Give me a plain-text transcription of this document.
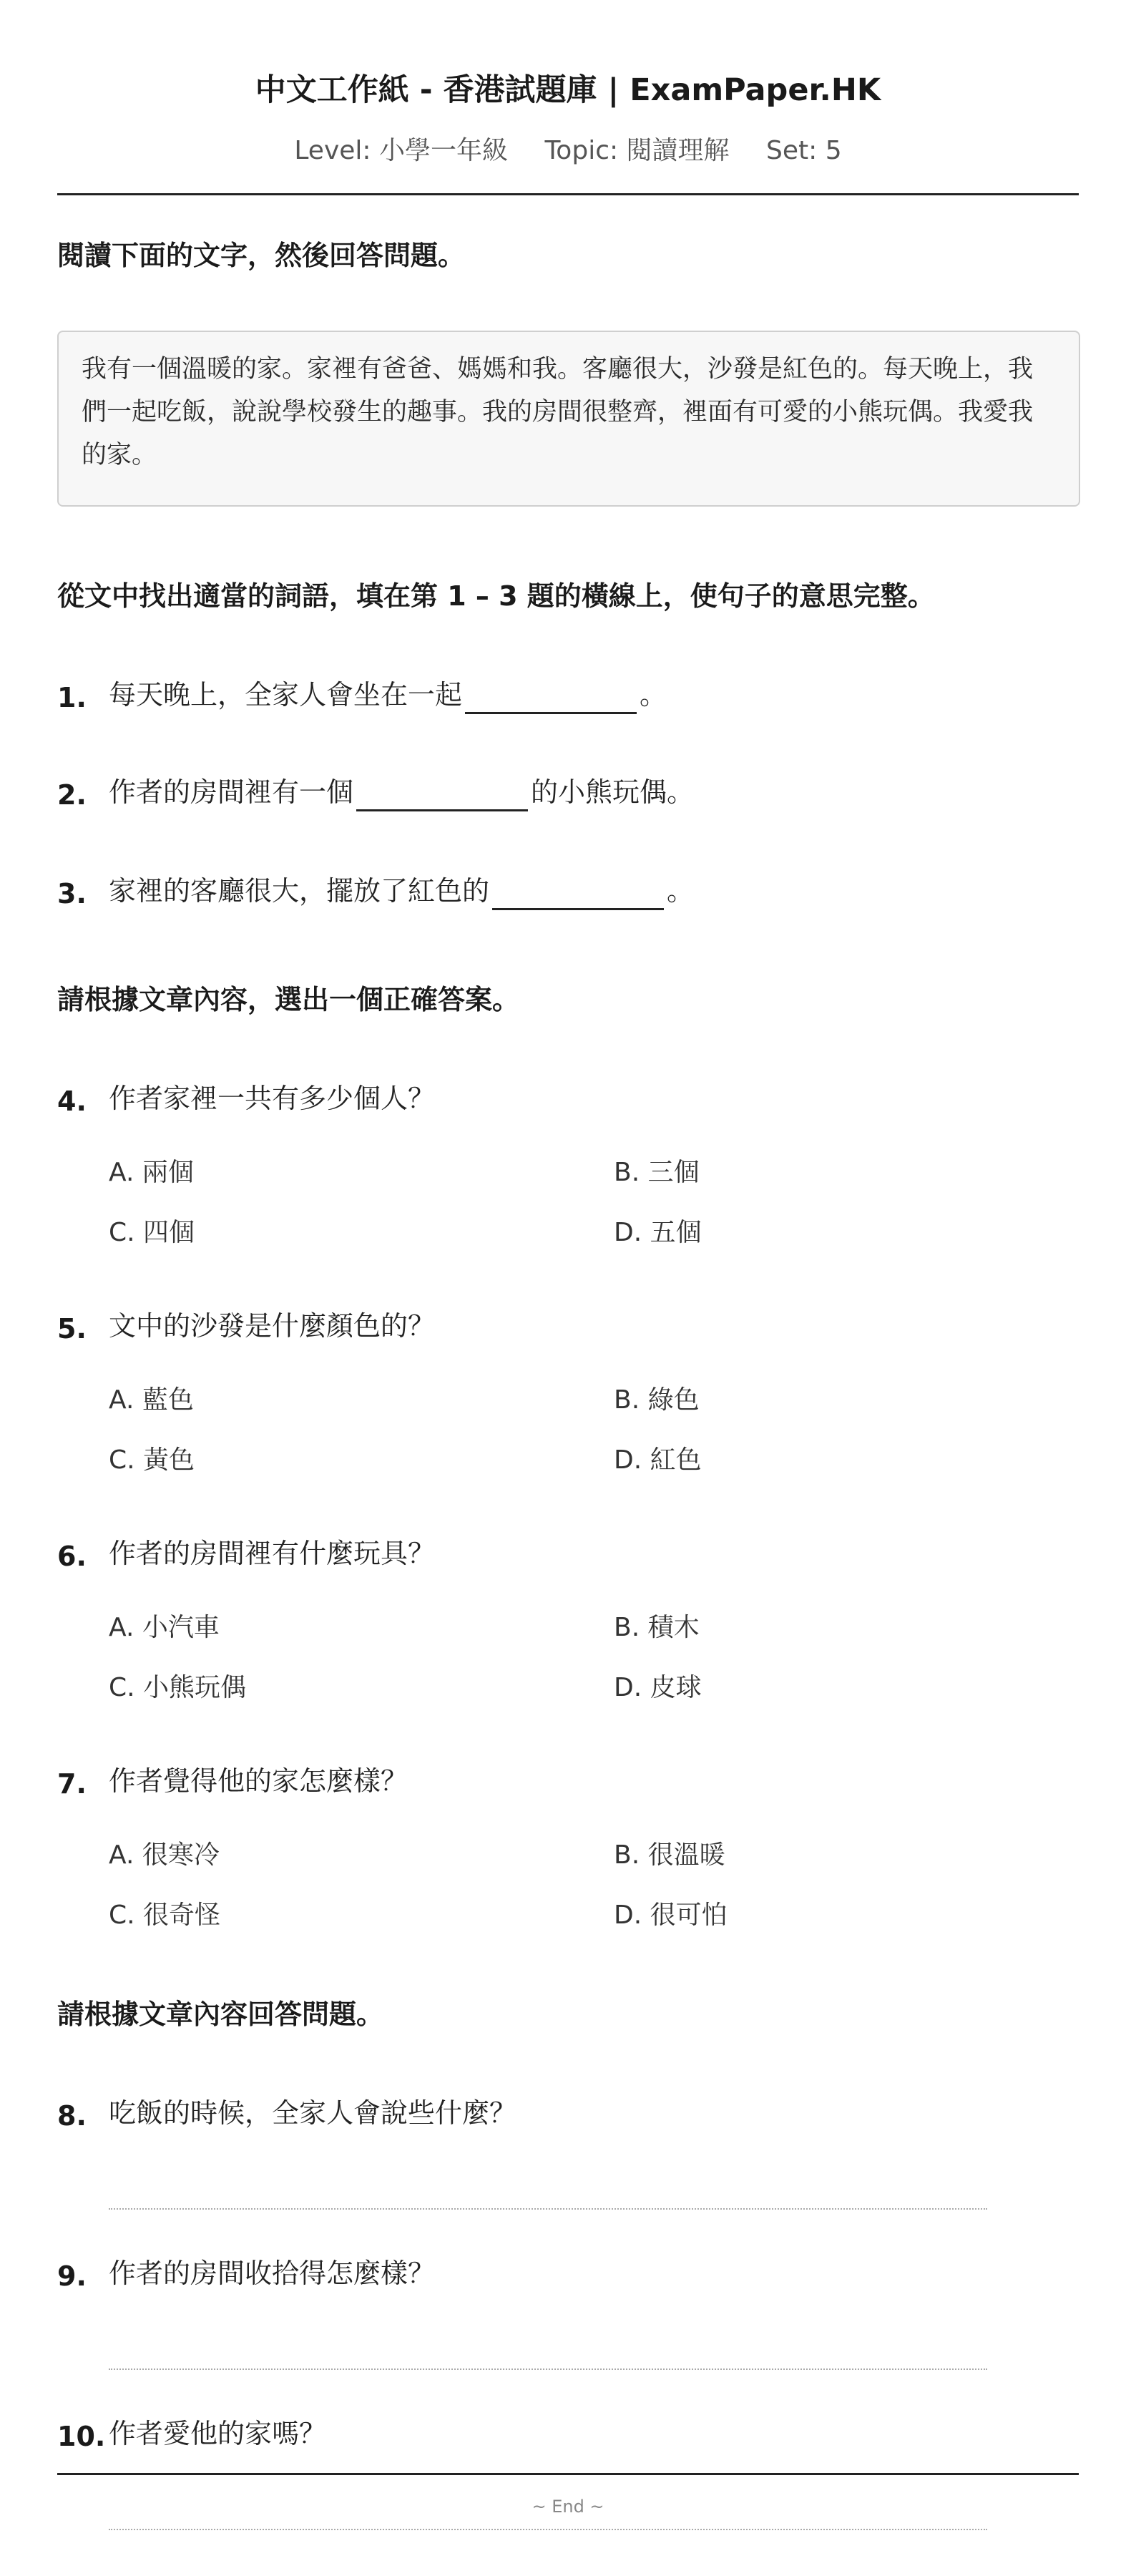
中文工作紙 - 香港試題庫 | ExamPaper.HK
Level: 小學一年級 Topic: 閱讀理解 Set: 5
閱讀下面的文字，然後回答問題。
我有一個溫暖的家。家裡有爸爸、媽媽和我。客廳很大，沙發是紅色的。每天晚上，我們一起吃飯，說說學校發生的趣事。我的房間很整齊，裡面有可愛的小熊玩偶。我愛我的家。
從文中找出適當的詞語，填在第 1 – 3 題的橫線上，使句子的意思完整。
1. 每天晚上，全家人會坐在一起	。
2. 作者的房間裡有一個	的小熊玩偶。
3. 家裡的客廳很大，擺放了紅色的	。
請根據文章內容，選出一個正確答案。
4. 作者家裡一共有多少個人？
A. 兩個	B. 三個
C. 四個	D. 五個
5. 文中的沙發是什麼顏色的？
A. 藍色	B. 綠色
C. 黃色	D. 紅色
6. 作者的房間裡有什麼玩具？
A. 小汽車	B. 積木
C. 小熊玩偶	D. 皮球
7. 作者覺得他的家怎麼樣？
A. 很寒冷	B. 很溫暖
C. 很奇怪	D. 很可怕
請根據文章內容回答問題。
8. 吃飯的時候，全家人會說些什麼？
9. 作者的房間收拾得怎麼樣？
10. 作者愛他的家嗎？
~ End ~
